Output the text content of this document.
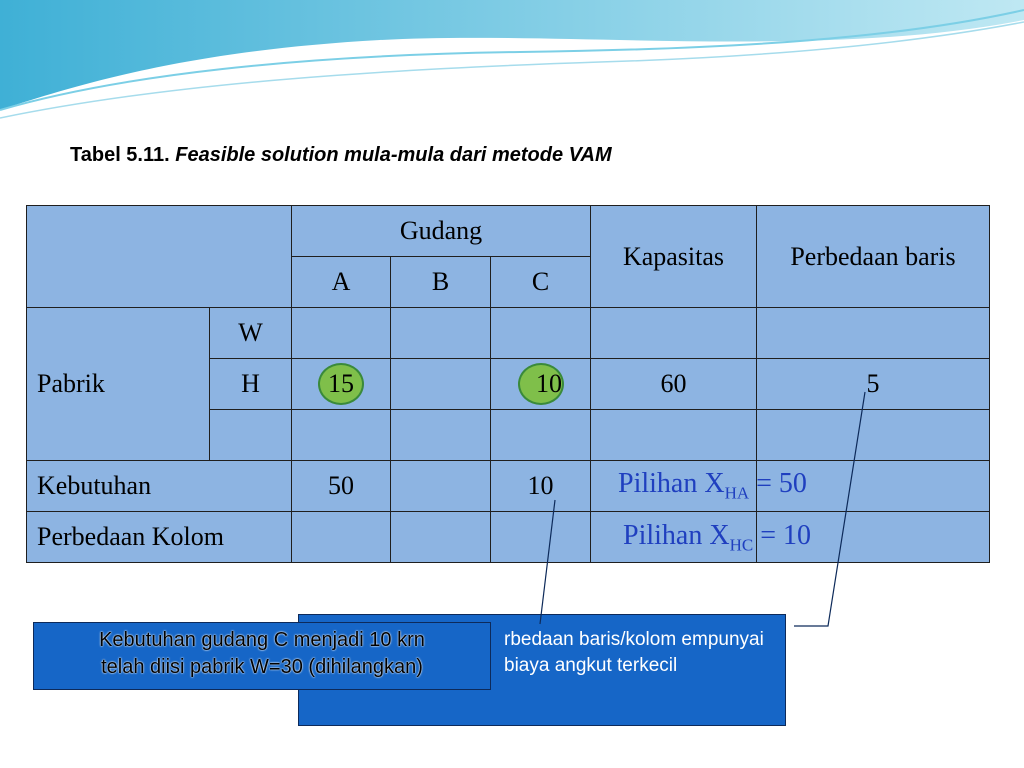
Tabel 5.11. Feasible solution mula-mula dari metode VAM
		Gudang			Kapasitas	Perbedaan baris
		A	B	C		
Pabrik	W					
	H	15		10	60	5

Kebutuhan		50		10		
Perbedaan Kolom						
Pilihan $X_{HA} = 50$
Pilihan $X_{HC} = 10$
rbedaan baris/kolom empunyai biaya angkut terkecil
Kebutuhan gudang C menjadi 10 krn
telah diisi pabrik W=30 (dihilangkan)
